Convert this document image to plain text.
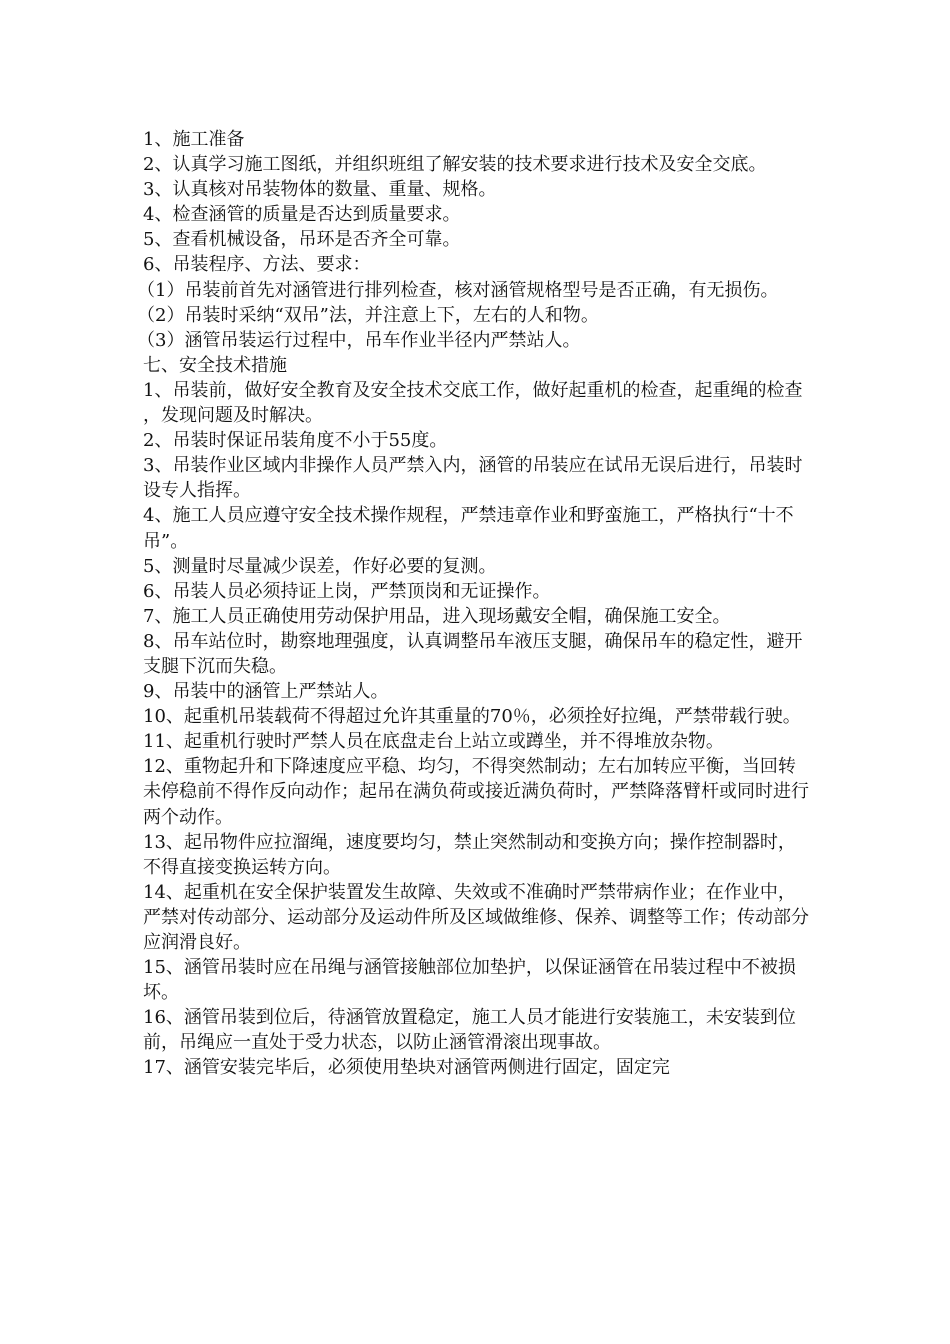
1、施工准备

2、认真学习施工图纸，并组织班组了解安装的技术要求进行技术及安全交底。

3、认真核对吊装物体的数量、重量、规格。

4、检查涵管的质量是否达到质量要求。

5、查看机械设备，吊环是否齐全可靠。

6、吊装程序、方法、要求：

（1）吊装前首先对涵管进行排列检查，核对涵管规格型号是否正确，有无损伤。

（2）吊装时采纳“双吊”法，并注意上下，左右的人和物。

（3）涵管吊装运行过程中，吊车作业半径内严禁站人。

七、安全技术措施

1、吊装前，做好安全教育及安全技术交底工作，做好起重机的检查，起重绳的检查，发现问题及时解决。

2、吊装时保证吊装角度不小于55度。

3、吊装作业区域内非操作人员严禁入内，涵管的吊装应在试吊无误后进行，吊装时设专人指挥。

4、施工人员应遵守安全技术操作规程，严禁违章作业和野蛮施工，严格执行“十不吊”。

5、测量时尽量减少误差，作好必要的复测。

6、吊装人员必须持证上岗，严禁顶岗和无证操作。

7、施工人员正确使用劳动保护用品，进入现场戴安全帽，确保施工安全。

8、吊车站位时，勘察地理强度，认真调整吊车液压支腿，确保吊车的稳定性，避开支腿下沉而失稳。

9、吊装中的涵管上严禁站人。

10、起重机吊装载荷不得超过允许其重量的70％，必须拴好拉绳，严禁带载行驶。

11、起重机行驶时严禁人员在底盘走台上站立或蹲坐，并不得堆放杂物。

12、重物起升和下降速度应平稳、均匀，不得突然制动；左右加转应平衡，当回转未停稳前不得作反向动作；起吊在满负荷或接近满负荷时，严禁降落臂杆或同时进行两个动作。

13、起吊物件应拉溜绳，速度要均匀，禁止突然制动和变换方向；操作控制器时，不得直接变换运转方向。

14、起重机在安全保护装置发生故障、失效或不准确时严禁带病作业；在作业中，严禁对传动部分、运动部分及运动件所及区域做维修、保养、调整等工作；传动部分应润滑良好。

15、涵管吊装时应在吊绳与涵管接触部位加垫护，以保证涵管在吊装过程中不被损坏。

16、涵管吊装到位后，待涵管放置稳定，施工人员才能进行安装施工，未安装到位前，吊绳应一直处于受力状态，以防止涵管滑滚出现事故。

17、涵管安装完毕后，必须使用垫块对涵管两侧进行固定，固定完
